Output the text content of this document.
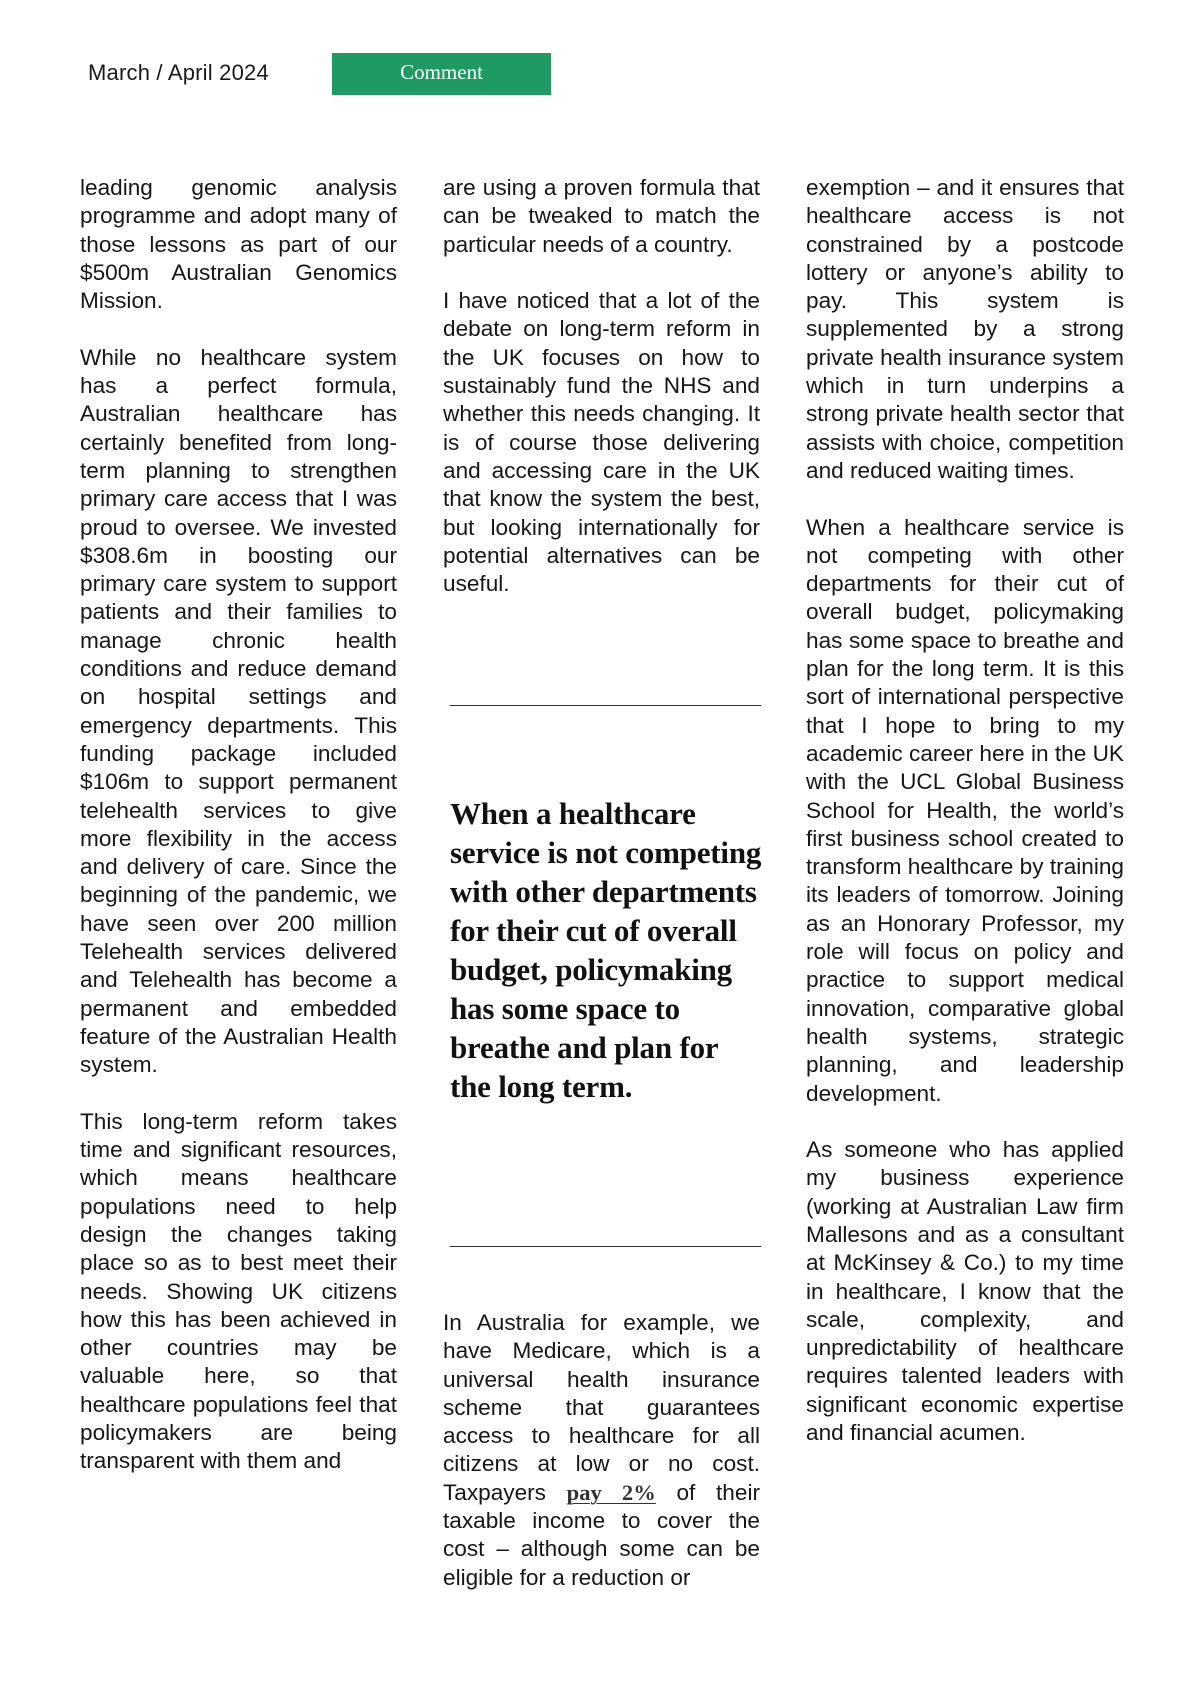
March / April 2024	Comment

leading genomic analysis programme and adopt many of those lessons as part of our $500m Australian Genomics Mission.

While no healthcare system has a perfect formula, Australian healthcare has certainly benefited from long-term planning to strengthen primary care access that I was proud to oversee. We invested $308.6m in boosting our primary care system to support patients and their families to manage chronic health conditions and reduce demand on hospital settings and emergency departments. This funding package included $106m to support permanent telehealth services to give more flexibility in the access and delivery of care. Since the beginning of the pandemic, we have seen over 200 million Telehealth services delivered and Telehealth has become a permanent and embedded feature of the Australian Health system.

This long-term reform takes time and significant resources, which means healthcare populations need to help design the changes taking place so as to best meet their needs. Showing UK citizens how this has been achieved in other countries may be valuable here, so that healthcare populations feel that policymakers are being transparent with them and

are using a proven formula that can be tweaked to match the particular needs of a country.

I have noticed that a lot of the debate on long-term reform in the UK focuses on how to sustainably fund the NHS and whether this needs changing. It is of course those delivering and accessing care in the UK that know the system the best, but looking internationally for potential alternatives can be useful.

When a healthcare service is not competing with other departments for their cut of overall budget, policymaking has some space to breathe and plan for the long term.

In Australia for example, we have Medicare, which is a universal health insurance scheme that guarantees access to healthcare for all citizens at low or no cost. Taxpayers pay 2% of their taxable income to cover the cost – although some can be eligible for a reduction or

exemption – and it ensures that healthcare access is not constrained by a postcode lottery or anyone’s ability to pay. This system is supplemented by a strong private health insurance system which in turn underpins a strong private health sector that assists with choice, competition and reduced waiting times.

When a healthcare service is not competing with other departments for their cut of overall budget, policymaking has some space to breathe and plan for the long term. It is this sort of international perspective that I hope to bring to my academic career here in the UK with the UCL Global Business School for Health, the world’s first business school created to transform healthcare by training its leaders of tomorrow. Joining as an Honorary Professor, my role will focus on policy and practice to support medical innovation, comparative global health systems, strategic planning, and leadership development.

As someone who has applied my business experience (working at Australian Law firm Mallesons and as a consultant at McKinsey & Co.) to my time in healthcare, I know that the scale, complexity, and unpredictability of healthcare requires talented leaders with significant economic expertise and financial acumen.
